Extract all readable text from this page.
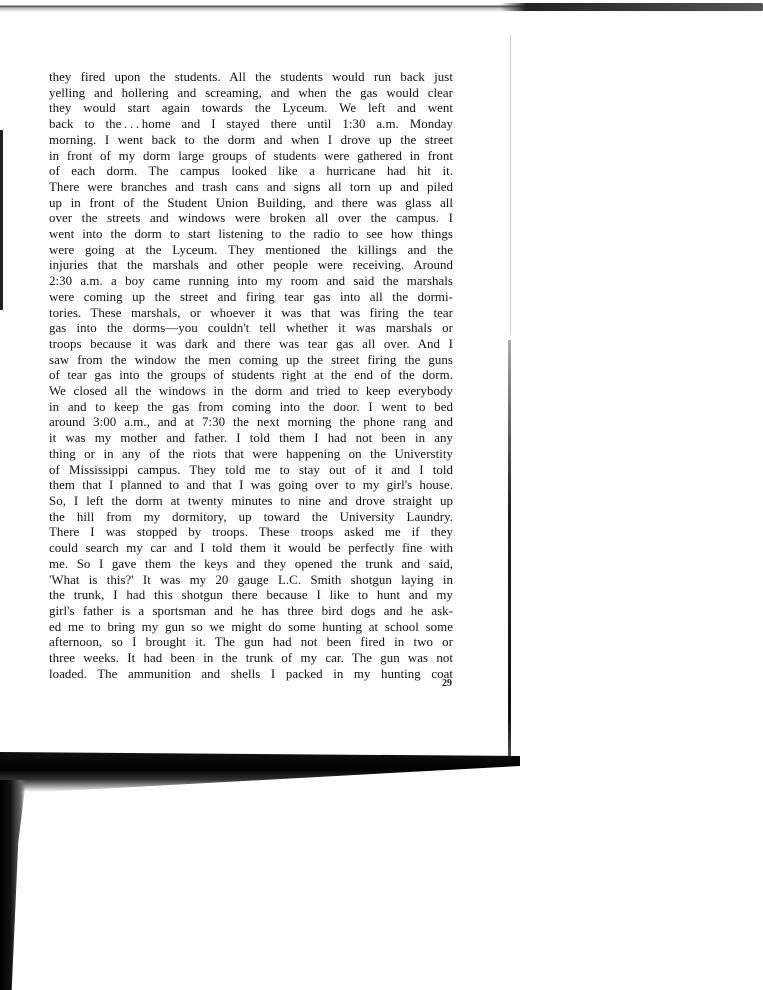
they fired upon the students. All the students would run back just

yelling and hollering and screaming, and when the gas would clear

they would start again towards the Lyceum. We left and went

back to the . . . home and I stayed there until 1:30 a.m. Monday

morning. I went back to the dorm and when I drove up the street

in front of my dorm large groups of students were gathered in front

of each dorm. The campus looked like a hurricane had hit it.

There were branches and trash cans and signs all torn up and piled

up in front of the Student Union Building, and there was glass all

over the streets and windows were broken all over the campus. I

went into the dorm to start listening to the radio to see how things

were going at the Lyceum. They mentioned the killings and the

injuries that the marshals and other people were receiving. Around

2:30 a.m. a boy came running into my room and said the marshals

were coming up the street and firing tear gas into all the dormi-

tories. These marshals, or whoever it was that was firing the tear

gas into the dorms—you couldn't tell whether it was marshals or

troops because it was dark and there was tear gas all over. And I

saw from the window the men coming up the street firing the guns

of tear gas into the groups of students right at the end of the dorm.

We closed all the windows in the dorm and tried to keep everybody

in and to keep the gas from coming into the door. I went to bed

around 3:00 a.m., and at 7:30 the next morning the phone rang and

it was my mother and father. I told them I had not been in any

thing or in any of the riots that were happening on the Universtity

of Mississippi campus. They told me to stay out of it and I told

them that I planned to and that I was going over to my girl's house.

So, I left the dorm at twenty minutes to nine and drove straight up

the hill from my dormitory, up toward the University Laundry.

There I was stopped by troops. These troops asked me if they

could search my car and I told them it would be perfectly fine with

me. So I gave them the keys and they opened the trunk and said,

'What is this?' It was my 20 gauge L.C. Smith shotgun laying in

the trunk, I had this shotgun there because I like to hunt and my

girl's father is a sportsman and he has three bird dogs and he ask-

ed me to bring my gun so we might do some hunting at school some

afternoon, so I brought it. The gun had not been fired in two or

three weeks. It had been in the trunk of my car. The gun was not

loaded. The ammunition and shells I packed in my hunting coat

29
